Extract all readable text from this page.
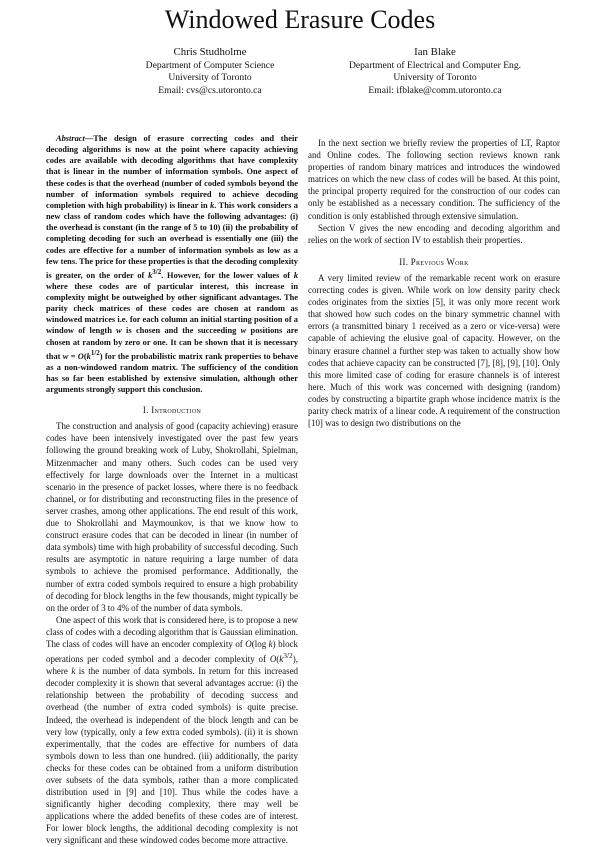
Windowed Erasure Codes
Chris Studholme
Department of Computer Science
University of Toronto
Email: cvs@cs.utoronto.ca
Ian Blake
Department of Electrical and Computer Eng.
University of Toronto
Email: ifblake@comm.utoronto.ca

Abstract—The design of erasure correcting codes and their decoding algorithms is now at the point where capacity achieving codes are available with decoding algorithms that have complexity that is linear in the number of information symbols. One aspect of these codes is that the overhead (number of coded symbols beyond the number of information symbols required to achieve decoding completion with high probability) is linear in k. This work considers a new class of random codes which have the following advantages: (i) the overhead is constant (in the range of 5 to 10) (ii) the probability of completing decoding for such an overhead is essentially one (iii) the codes are effective for a number of information symbols as low as a few tens. The price for these properties is that the decoding complexity is greater, on the order of $k^{3/2}$. However, for the lower values of k where these codes are of particular interest, this increase in complexity might be outweighed by other significant advantages. The parity check matrices of these codes are chosen at random as windowed matrices i.e. for each column an initial starting position of a window of length w is chosen and the succeeding w positions are chosen at random by zero or one. It can be shown that it is necessary that $w = O(k^{1/2})$ for the probabilistic matrix rank properties to behave as a non-windowed random matrix. The sufficiency of the condition has so far been established by extensive simulation, although other arguments strongly support this conclusion.

I. Introduction

The construction and analysis of good (capacity achieving) erasure codes have been intensively investigated over the past few years following the ground breaking work of Luby, Shokrollahi, Spielman, Mitzenmacher and many others. Such codes can be used very effectively for large downloads over the Internet in a multicast scenario in the presence of packet losses, where there is no feedback channel, or for distributing and reconstructing files in the presence of server crashes, among other applications. The end result of this work, due to Shokrollahi and Maymounkov, is that we know how to construct erasure codes that can be decoded in linear (in number of data symbols) time with high probability of successful decoding. Such results are asymptotic in nature requiring a large number of data symbols to achieve the promised performance. Additionally, the number of extra coded symbols required to ensure a high probability of decoding for block lengths in the few thousands, might typically be on the order of 3 to 4% of the number of data symbols.

One aspect of this work that is considered here, is to propose a new class of codes with a decoding algorithm that is Gaussian elimination. The class of codes will have an encoder complexity of O(log k) block operations per coded symbol and a decoder complexity of $O(k^{3/2})$, where k is the number of data symbols. In return for this increased decoder complexity it is shown that several advantages accrue: (i) the relationship between the probability of decoding success and overhead (the number of extra coded symbols) is quite precise. Indeed, the overhead is independent of the block length and can be very low (typically, only a few extra coded symbols). (ii) it is shown experimentally, that the codes are effective for numbers of data symbols down to less than one hundred. (iii) additionally, the parity checks for these codes can be obtained from a uniform distribution over subsets of the data symbols, rather than a more complicated distribution used in [9] and [10]. Thus while the codes have a significantly higher decoding complexity, there may well be applications where the added benefits of these codes are of interest. For lower block lengths, the additional decoding complexity is not very significant and these windowed codes become more attractive.

In the next section we briefly review the properties of LT, Raptor and Online codes. The following section reviews known rank properties of random binary matrices and introduces the windowed matrices on which the new class of codes will be based. At this point, the principal property required for the construction of our codes can only be established as a necessary condition. The sufficiency of the condition is only established through extensive simulation.

Section V gives the new encoding and decoding algorithm and relies on the work of section IV to establish their properties.

II. Previous Work

A very limited review of the remarkable recent work on erasure correcting codes is given. While work on low density parity check codes originates from the sixties [5], it was only more recent work that showed how such codes on the binary symmetric channel with errors (a transmitted binary 1 received as a zero or vice-versa) were capable of achieving the elusive goal of capacity. However, on the binary erasure channel a further step was taken to actually show how codes that achieve capacity can be constructed [7], [8], [9], [10]. Only this more limited case of coding for erasure channels is of interest here. Much of this work was concerned with designing (random) codes by constructing a bipartite graph whose incidence matrix is the parity check matrix of a linear code. A requirement of the construction [10] was to design two distributions on the
